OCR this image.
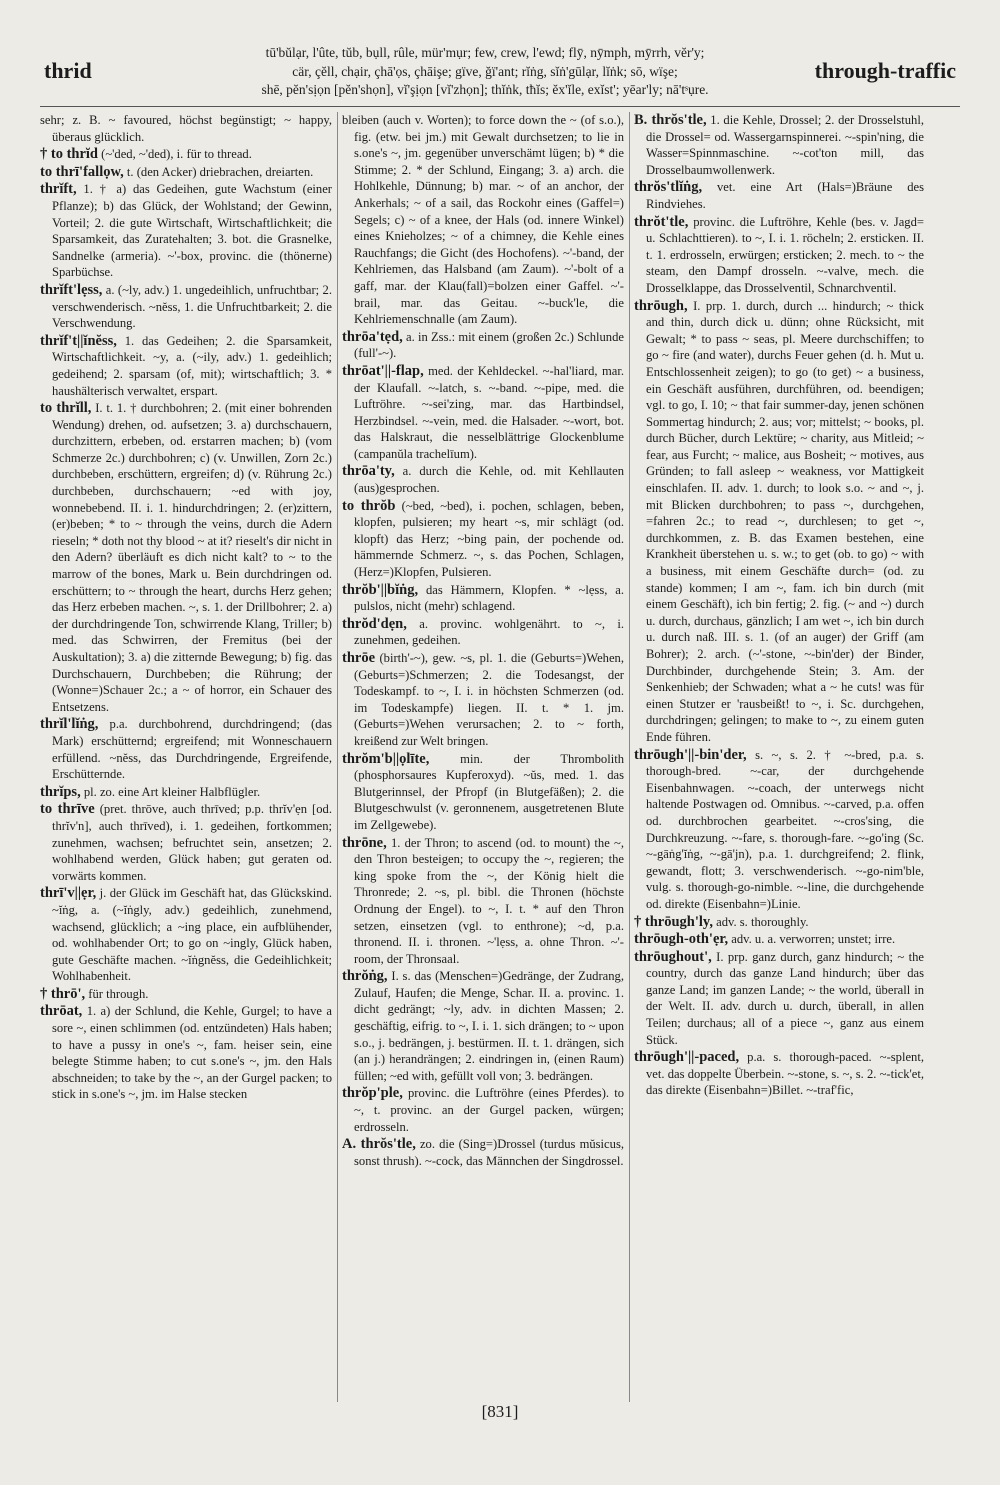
thrid
tū'bŭlạr, l'ûte, tŭb, bụll, rûle, mür'mụr; few, crew, l'ewd; flȳ, nȳmph, mȳrrh, vĕr'y;
cär, çĕll, chạir, çhā'ọs, çhāişe; gïve, ğï'ant; rĭṅg, sĭṅ'gūlạr, lĭṅk; sō, wïşe;
shē, pĕn'sịọn [pĕn'shọn], vĭ'şịọn [vĭ'zhọn]; thĭṅk, tħĭs; ĕx'ĭle, exĭst'; yēar'ly; nā'tˢụre.
through-traffic
sehr; z. B. ~ favoured, höchst begünstigt; ~ happy, überaus glücklich.
† to thrĭd (~'ded, ~'ded), i. für to thread.
to thrī'fallọw, t. (den Acker) driebrachen, dreiarten.
thrĭft, 1. † a) das Gedeihen, gute Wachstum (einer Pflanze); b) das Glück, der Wohlstand; der Gewinn, Vorteil; 2. die gute Wirtschaft, Wirtschaftlichkeit; die Sparsamkeit, das Zuratehalten; 3. bot. die Grasnelke, Sandnelke (armeria). ~'-box, provinc. die (thönerne) Sparbüchse.
thrĭft'lẹss, a. (~ly, adv.) 1. ungedeihlich, unfruchtbar; 2. verschwenderisch. ~nĕss, 1. die Unfruchtbarkeit; 2. die Verschwendung.
thrĭf't||ĭnĕss, 1. das Gedeihen; 2. die Sparsamkeit, Wirtschaftlichkeit. ~y, a. (~ily, adv.) 1. gedeihlich; gedeihend; 2. sparsam (of, mit); wirtschaftlich; 3. * haushälterisch verwaltet, erspart.
to thrĭll, I. t. 1. † durchbohren; 2. (mit einer bohrenden Wendung) drehen, od. aufsetzen; 3. a) durchschauern, durchzittern, erbeben, od. erstarren machen; b) (vom Schmerze 2c.) durchbohren; c) (v. Unwillen, Zorn 2c.) durchbeben, erschüttern, ergreifen; d) (v. Rührung 2c.) durchbeben, durchschauern; ~ed with joy, wonnebebend. II. i. 1. hindurchdringen; 2. (er)zittern, (er)beben; * to ~ through the veins, durch die Adern rieseln; * doth not thy blood ~ at it? rieselt's dir nicht in den Adern? überläuft es dich nicht kalt? to ~ to the marrow of the bones, Mark u. Bein durchdringen od. erschüttern; to ~ through the heart, durchs Herz gehen; das Herz erbeben machen. ~, s. 1. der Drillbohrer; 2. a) der durchdringende Ton, schwirrende Klang, Triller; b) med. das Schwirren, der Fremitus (bei der Auskultation); 3. a) die zitternde Bewegung; b) fig. das Durchschauern, Durchbeben; die Rührung; der (Wonne=)Schauer 2c.; a ~ of horror, ein Schauer des Entsetzens.
thrĭl'lĭṅg, p.a. durchbohrend, durchdringend; (das Mark) erschütternd; ergreifend; mit Wonneschauern erfüllend. ~nĕss, das Durchdringende, Ergreifende, Erschütternde.
thrĭps, pl. zo. eine Art kleiner Halbflügler.
to thrīve (pret. thrōve, auch thrīved; p.p. thrĭv'ẹn [od. thrĭv'n], auch thrīved), i. 1. gedeihen, fortkommen; zunehmen, wachsen; befruchtet sein, ansetzen; 2. wohlhabend werden, Glück haben; gut geraten od. vorwärts kommen.
thrī'v||ẹr, j. der Glück im Geschäft hat, das Glückskind. ~ĭṅg, a. (~ĭṅgly, adv.) gedeihlich, zunehmend, wachsend, glücklich; a ~ing place, ein aufblühender, od. wohlhabender Ort; to go on ~ingly, Glück haben, gute Geschäfte machen. ~ĭṅgnĕss, die Gedeihlichkeit; Wohlhabenheit.
† thrō', für through.
thrōat, 1. a) der Schlund, die Kehle, Gurgel; to have a sore ~, einen schlimmen (od. entzündeten) Hals haben; to have a pussy in one's ~, fam. heiser sein, eine belegte Stimme haben; to cut s.one's ~, jm. den Hals abschneiden; to take by the ~, an der Gurgel packen; to stick in s.one's ~, jm. im Halse stecken
bleiben (auch v. Worten); to force down the ~ (of s.o.), fig. (etw. bei jm.) mit Gewalt durchsetzen; to lie in s.one's ~, jm. gegenüber unverschämt lügen; b) * die Stimme; 2. * der Schlund, Eingang; 3. a) arch. die Hohlkehle, Dünnung; b) mar. ~ of an anchor, der Ankerhals; ~ of a sail, das Rockohr eines (Gaffel=) Segels; c) ~ of a knee, der Hals (od. innere Winkel) eines Knieholzes; ~ of a chimney, die Kehle eines Rauchfangs; die Gicht (des Hochofens). ~'-band, der Kehlriemen, das Halsband (am Zaum). ~'-bolt of a gaff, mar. der Klau(fall)=bolzen einer Gaffel. ~'-brail, mar. das Geitau. ~-buck'le, die Kehlriemenschnalle (am Zaum).
thrōa'tẹd, a. in Zss.: mit einem (großen 2c.) Schlunde (full'-~).
thrōat'||-flap, med. der Kehldeckel. ~-hal'liard, mar. der Klaufall. ~-latch, s. ~-band. ~-pipe, med. die Luftröhre. ~-sei'zing, mar. das Hartbindsel, Herzbindsel. ~-vein, med. die Halsader. ~-wort, bot. das Halskraut, die nesselblättrige Glockenblume (campanŭla trachelīum).
thrōa'ty, a. durch die Kehle, od. mit Kehllauten (aus)gesprochen.
to thrŏb (~bed, ~bed), i. pochen, schlagen, beben, klopfen, pulsieren; my heart ~s, mir schlägt (od. klopft) das Herz; ~bing pain, der pochende od. hämmernde Schmerz. ~, s. das Pochen, Schlagen, (Herz=)Klopfen, Pulsieren.
thrŏb'||bĭṅg, das Hämmern, Klopfen. * ~lẹss, a. pulslos, nicht (mehr) schlagend.
thrŏd'dẹn, a. provinc. wohlgenährt. to ~, i. zunehmen, gedeihen.
thrōe (birth'-~), gew. ~s, pl. 1. die (Geburts=)Wehen, (Geburts=)Schmerzen; 2. die Todesangst, der Todeskampf. to ~, I. i. in höchsten Schmerzen (od. im Todeskampfe) liegen. II. t. * 1. jm. (Geburts=)Wehen verursachen; 2. to ~ forth, kreißend zur Welt bringen.
thrŏm'b||ọlīte, min. der Thrombolith (phosphorsaures Kupferoxyd). ~ŭs, med. 1. das Blutgerinnsel, der Pfropf (in Blutgefäßen); 2. die Blutgeschwulst (v. geronnenem, ausgetretenen Blute im Zellgewebe).
thrōne, 1. der Thron; to ascend (od. to mount) the ~, den Thron besteigen; to occupy the ~, regieren; the king spoke from the ~, der König hielt die Thronrede; 2. ~s, pl. bibl. die Thronen (höchste Ordnung der Engel). to ~, I. t. * auf den Thron setzen, einsetzen (vgl. to enthrone); ~d, p.a. thronend. II. i. thronen. ~'lẹss, a. ohne Thron. ~'-room, der Thronsaal.
thrŏṅg, I. s. das (Menschen=)Gedränge, der Zudrang, Zulauf, Haufen; die Menge, Schar. II. a. provinc. 1. dicht gedrängt; ~ly, adv. in dichten Massen; 2. geschäftig, eifrig. to ~, I. i. 1. sich drängen; to ~ upon s.o., j. bedrängen, j. bestürmen. II. t. 1. drängen, sich (an j.) herandrängen; 2. eindringen in, (einen Raum) füllen; ~ed with, gefüllt voll von; 3. bedrängen.
thrŏp'ple, provinc. die Luftröhre (eines Pferdes). to ~, t. provinc. an der Gurgel packen, würgen; erdrosseln.
A. thrŏs'tle, zo. die (Sing=)Drossel (turdus mŭsicus, sonst thrush). ~-cock, das Männchen der Singdrossel.
B. thrŏs'tle, 1. die Kehle, Drossel; 2. der Drosselstuhl, die Drossel= od. Wassergarnspinnerei. ~-spin'ning, die Wasser=Spinnmaschine. ~-cot'ton mill, das Drosselbaumwollenwerk.
thrŏs'tlĭṅg, vet. eine Art (Hals=)Bräune des Rindviehes.
thrŏt'tle, provinc. die Luftröhre, Kehle (bes. v. Jagd= u. Schlachttieren). to ~, I. i. 1. röcheln; 2. ersticken. II. t. 1. erdrosseln, erwürgen; ersticken; 2. mech. to ~ the steam, den Dampf drosseln. ~-valve, mech. die Drosselklappe, das Drosselventil, Schnarchventil.
thrōugh, I. prp. 1. durch, durch ... hindurch; ~ thick and thin, durch dick u. dünn; ohne Rücksicht, mit Gewalt; * to pass ~ seas, pl. Meere durchschiffen; to go ~ fire (and water), durchs Feuer gehen (d. h. Mut u. Entschlossenheit zeigen); to go (to get) ~ a business, ein Geschäft ausführen, durchführen, od. beendigen; vgl. to go, I. 10; ~ that fair summer-day, jenen schönen Sommertag hindurch; 2. aus; vor; mittelst; ~ books, pl. durch Bücher, durch Lektüre; ~ charity, aus Mitleid; ~ fear, aus Furcht; ~ malice, aus Bosheit; ~ motives, aus Gründen; to fall asleep ~ weakness, vor Mattigkeit einschlafen. II. adv. 1. durch; to look s.o. ~ and ~, j. mit Blicken durchbohren; to pass ~, durchgehen, =fahren 2c.; to read ~, durchlesen; to get ~, durchkommen, z. B. das Examen bestehen, eine Krankheit überstehen u. s. w.; to get (ob. to go) ~ with a business, mit einem Geschäfte durch= (od. zu stande) kommen; I am ~, fam. ich bin durch (mit einem Geschäft), ich bin fertig; 2. fig. (~ and ~) durch u. durch, durchaus, gänzlich; I am wet ~, ich bin durch u. durch naß. III. s. 1. (of an auger) der Griff (am Bohrer); 2. arch. (~'-stone, ~-bin'der) der Binder, Durchbinder, durchgehende Stein; 3. Am. der Senkenhieb; der Schwaden; what a ~ he cuts! was für einen Stutzer er 'rausbeißt! to ~, i. Sc. durchgehen, durchdringen; gelingen; to make to ~, zu einem guten Ende führen.
thrōugh'||-bin'der, s. ~, s. 2. † ~-bred, p.a. s. thorough-bred. ~-car, der durchgehende Eisenbahnwagen. ~-coach, der unterwegs nicht haltende Postwagen od. Omnibus. ~-carved, p.a. offen od. durchbrochen gearbeitet. ~-cros'sing, die Durchkreuzung. ~-fare, s. thorough-fare. ~-go'ing (Sc. ~-gāṅg'ĭṅg, ~-gā'jn), p.a. 1. durchgreifend; 2. flink, gewandt, flott; 3. verschwenderisch. ~-go-nim'ble, vulg. s. thorough-go-nimble. ~-line, die durchgehende od. direkte (Eisenbahn=)Linie.
† thrōugh'ly, adv. s. thoroughly.
thrōugh-oth'ẹr, adv. u. a. verworren; unstet; irre.
thrōughout', I. prp. ganz durch, ganz hindurch; ~ the country, durch das ganze Land hindurch; über das ganze Land; im ganzen Lande; ~ the world, überall in der Welt. II. adv. durch u. durch, überall, in allen Teilen; durchaus; all of a piece ~, ganz aus einem Stück.
thrōugh'||-paced, p.a. s. thorough-paced. ~-splent, vet. das doppelte Überbein. ~-stone, s. ~, s. 2. ~-tick'et, das direkte (Eisenbahn=)Billet. ~-traf'fic,
[831]
